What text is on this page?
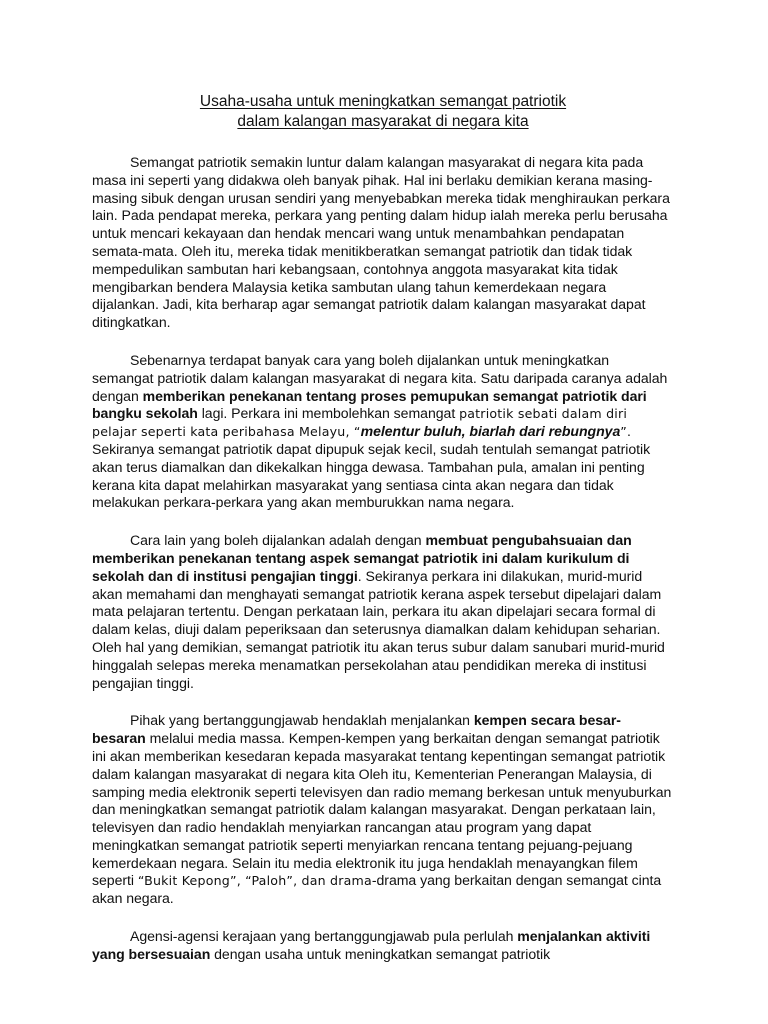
Usaha-usaha untuk meningkatkan semangat patriotik
dalam kalangan masyarakat di negara kita

Semangat patriotik semakin luntur dalam kalangan masyarakat di negara kita pada masa ini seperti yang didakwa oleh banyak pihak. Hal ini berlaku demikian kerana masing-masing sibuk dengan urusan sendiri yang menyebabkan mereka tidak menghiraukan perkara lain. Pada pendapat mereka, perkara yang penting dalam hidup ialah mereka perlu berusaha untuk mencari kekayaan dan hendak mencari wang untuk menambahkan pendapatan semata-mata. Oleh itu, mereka tidak menitikberatkan semangat patriotik dan tidak tidak mempedulikan sambutan hari kebangsaan, contohnya anggota masyarakat kita tidak mengibarkan bendera Malaysia ketika sambutan ulang tahun kemerdekaan negara dijalankan. Jadi, kita berharap agar semangat patriotik dalam kalangan masyarakat dapat ditingkatkan.

Sebenarnya terdapat banyak cara yang boleh dijalankan untuk meningkatkan semangat patriotik dalam kalangan masyarakat di negara kita. Satu daripada caranya adalah dengan memberikan penekanan tentang proses pemupukan semangat patriotik dari bangku sekolah lagi. Perkara ini membolehkan semangat patriotik sebati dalam diri pelajar seperti kata peribahasa Melayu, “melentur buluh, biarlah dari rebungnya”. Sekiranya semangat patriotik dapat dipupuk sejak kecil, sudah tentulah semangat patriotik akan terus diamalkan dan dikekalkan hingga dewasa. Tambahan pula, amalan ini penting kerana kita dapat melahirkan masyarakat yang sentiasa cinta akan negara dan tidak melakukan perkara-perkara yang akan memburukkan nama negara.

Cara lain yang boleh dijalankan adalah dengan membuat pengubahsuaian dan memberikan penekanan tentang aspek semangat patriotik ini dalam kurikulum di sekolah dan di institusi pengajian tinggi. Sekiranya perkara ini dilakukan, murid-murid akan memahami dan menghayati semangat patriotik kerana aspek tersebut dipelajari dalam mata pelajaran tertentu. Dengan perkataan lain, perkara itu akan dipelajari secara formal di dalam kelas, diuji dalam peperiksaan dan seterusnya diamalkan dalam kehidupan seharian. Oleh hal yang demikian, semangat patriotik itu akan terus subur dalam sanubari murid-murid hinggalah selepas mereka menamatkan persekolahan atau pendidikan mereka di institusi pengajian tinggi.

Pihak yang bertanggungjawab hendaklah menjalankan kempen secara besar-besaran melalui media massa. Kempen-kempen yang berkaitan dengan semangat patriotik ini akan memberikan kesedaran kepada masyarakat tentang kepentingan semangat patriotik dalam kalangan masyarakat di negara kita Oleh itu, Kementerian Penerangan Malaysia, di samping media elektronik seperti televisyen dan radio memang berkesan untuk menyuburkan dan meningkatkan semangat patriotik dalam kalangan masyarakat. Dengan perkataan lain, televisyen dan radio hendaklah menyiarkan rancangan atau program yang dapat meningkatkan semangat patriotik seperti menyiarkan rencana tentang pejuang-pejuang kemerdekaan negara. Selain itu media elektronik itu juga hendaklah menayangkan filem seperti “Bukit Kepong”, “Paloh”, dan drama-drama yang berkaitan dengan semangat cinta akan negara.

Agensi-agensi kerajaan yang bertanggungjawab pula perlulah menjalankan aktiviti yang bersesuaian dengan usaha untuk meningkatkan semangat patriotik
